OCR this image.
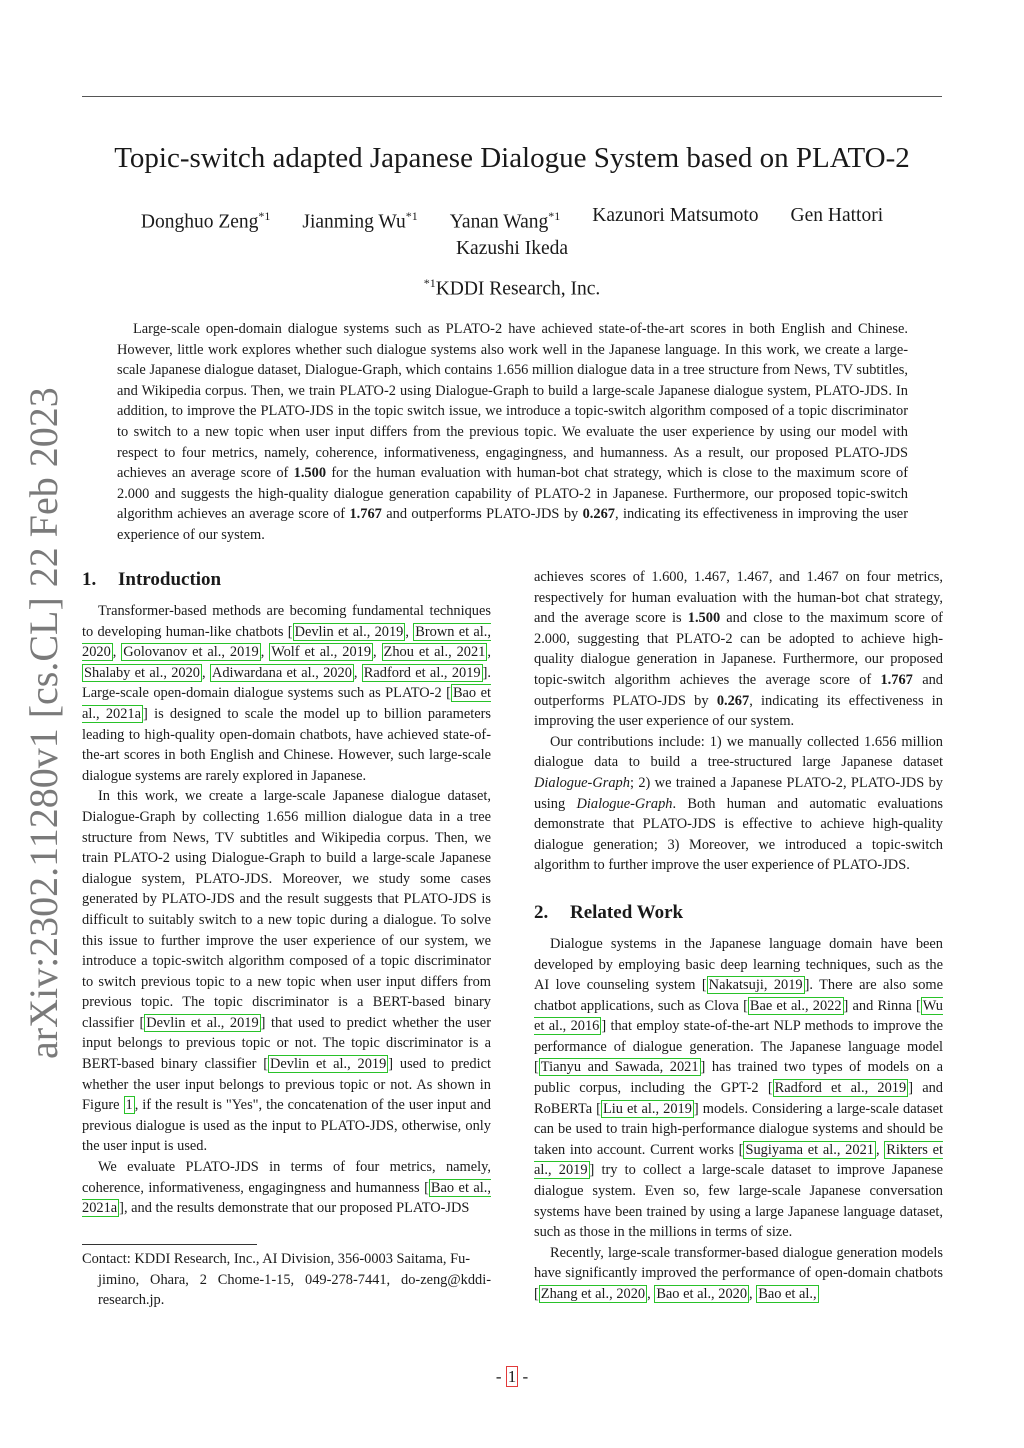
arXiv:2302.11280v1 [cs.CL] 22 Feb 2023
Topic-switch adapted Japanese Dialogue System based on PLATO-2
Donghuo Zeng$^{*1}$ Jianming Wu$^{*1}$ Yanan Wang$^{*1}$ Kazunori Matsumoto Gen Hattori
Kazushi Ikeda
$^{*1}$KDDI Research, Inc.

Large-scale open-domain dialogue systems such as PLATO-2 have achieved state-of-the-art scores in both English and Chinese. However, little work explores whether such dialogue systems also work well in the Japanese language. In this work, we create a large-scale Japanese dialogue dataset, Dialogue-Graph, which contains 1.656 million dialogue data in a tree structure from News, TV subtitles, and Wikipedia corpus. Then, we train PLATO-2 using Dialogue-Graph to build a large-scale Japanese dialogue system, PLATO-JDS. In addition, to improve the PLATO-JDS in the topic switch issue, we introduce a topic-switch algorithm composed of a topic discriminator to switch to a new topic when user input differs from the previous topic. We evaluate the user experience by using our model with respect to four metrics, namely, coherence, informativeness, engagingness, and humanness. As a result, our proposed PLATO-JDS achieves an average score of 1.500 for the human evaluation with human-bot chat strategy, which is close to the maximum score of 2.000 and suggests the high-quality dialogue generation capability of PLATO-2 in Japanese. Furthermore, our proposed topic-switch algorithm achieves an average score of 1.767 and outperforms PLATO-JDS by 0.267, indicating its effectiveness in improving the user experience of our system.

1. Introduction

Transformer-based methods are becoming fundamental techniques to developing human-like chatbots [ Devlin et al., 2019 , Brown et al., 2020 , Golovanov et al., 2019 , Wolf et al., 2019 , Zhou et al., 2021 , Shalaby et al., 2020 , Adiwardana et al., 2020 , Radford et al., 2019 ]. Large-scale open-domain dialogue systems such as PLATO-2 [ Bao et al., 2021a ] is designed to scale the model up to billion parameters leading to high-quality open-domain chatbots, have achieved state-of-the-art scores in both English and Chinese. However, such large-scale dialogue systems are rarely explored in Japanese.

In this work, we create a large-scale Japanese dialogue dataset, Dialogue-Graph by collecting 1.656 million dialogue data in a tree structure from News, TV subtitles and Wikipedia corpus. Then, we train PLATO-2 using Dialogue-Graph to build a large-scale Japanese dialogue system, PLATO-JDS. Moreover, we study some cases generated by PLATO-JDS and the result suggests that PLATO-JDS is difficult to suitably switch to a new topic during a dialogue. To solve this issue to further improve the user experience of our system, we introduce a topic-switch algorithm composed of a topic discriminator to switch previous topic to a new topic when user input differs from previous topic. The topic discriminator is a BERT-based binary classifier [ Devlin et al., 2019 ] that used to predict whether the user input belongs to previous topic or not. The topic discriminator is a BERT-based binary classifier [ Devlin et al., 2019 ] used to predict whether the user input belongs to previous topic or not. As shown in Figure 1 , if the result is "Yes", the concatenation of the user input and previous dialogue is used as the input to PLATO-JDS, otherwise, only the user input is used.

We evaluate PLATO-JDS in terms of four metrics, namely, coherence, informativeness, engagingness and humanness [ Bao et al., 2021a ], and the results demonstrate that our proposed PLATO-JDS

Contact: KDDI Research, Inc., AI Division, 356-0003 Saitama, Fu-
jimino, Ohara, 2 Chome-1-15, 049-278-7441, do-zeng@kddi-research.jp.

achieves scores of 1.600, 1.467, 1.467, and 1.467 on four metrics, respectively for human evaluation with the human-bot chat strategy, and the average score is 1.500 and close to the maximum score of 2.000, suggesting that PLATO-2 can be adopted to achieve high-quality dialogue generation in Japanese. Furthermore, our proposed topic-switch algorithm achieves the average score of 1.767 and outperforms PLATO-JDS by 0.267, indicating its effectiveness in improving the user experience of our system.

Our contributions include: 1) we manually collected 1.656 million dialogue data to build a tree-structured large Japanese dataset Dialogue-Graph; 2) we trained a Japanese PLATO-2, PLATO-JDS by using Dialogue-Graph. Both human and automatic evaluations demonstrate that PLATO-JDS is effective to achieve high-quality dialogue generation; 3) Moreover, we introduced a topic-switch algorithm to further improve the user experience of PLATO-JDS.

2. Related Work

Dialogue systems in the Japanese language domain have been developed by employing basic deep learning techniques, such as the AI love counseling system [ Nakatsuji, 2019 ]. There are also some chatbot applications, such as Clova [ Bae et al., 2022 ] and Rinna [ Wu et al., 2016 ] that employ state-of-the-art NLP methods to improve the performance of dialogue generation. The Japanese language model [ Tianyu and Sawada, 2021 ] has trained two types of models on a public corpus, including the GPT-2 [ Radford et al., 2019 ] and RoBERTa [ Liu et al., 2019 ] models. Considering a large-scale dataset can be used to train high-performance dialogue systems and should be taken into account. Current works [ Sugiyama et al., 2021 , Rikters et al., 2019 ] try to collect a large-scale dataset to improve Japanese dialogue system. Even so, few large-scale Japanese conversation systems have been trained by using a large Japanese language dataset, such as those in the millions in terms of size.

Recently, large-scale transformer-based dialogue generation models have significantly improved the performance of open-domain chatbots [ Zhang et al., 2020 , Bao et al., 2020 , Bao et al.,

- 1 -
